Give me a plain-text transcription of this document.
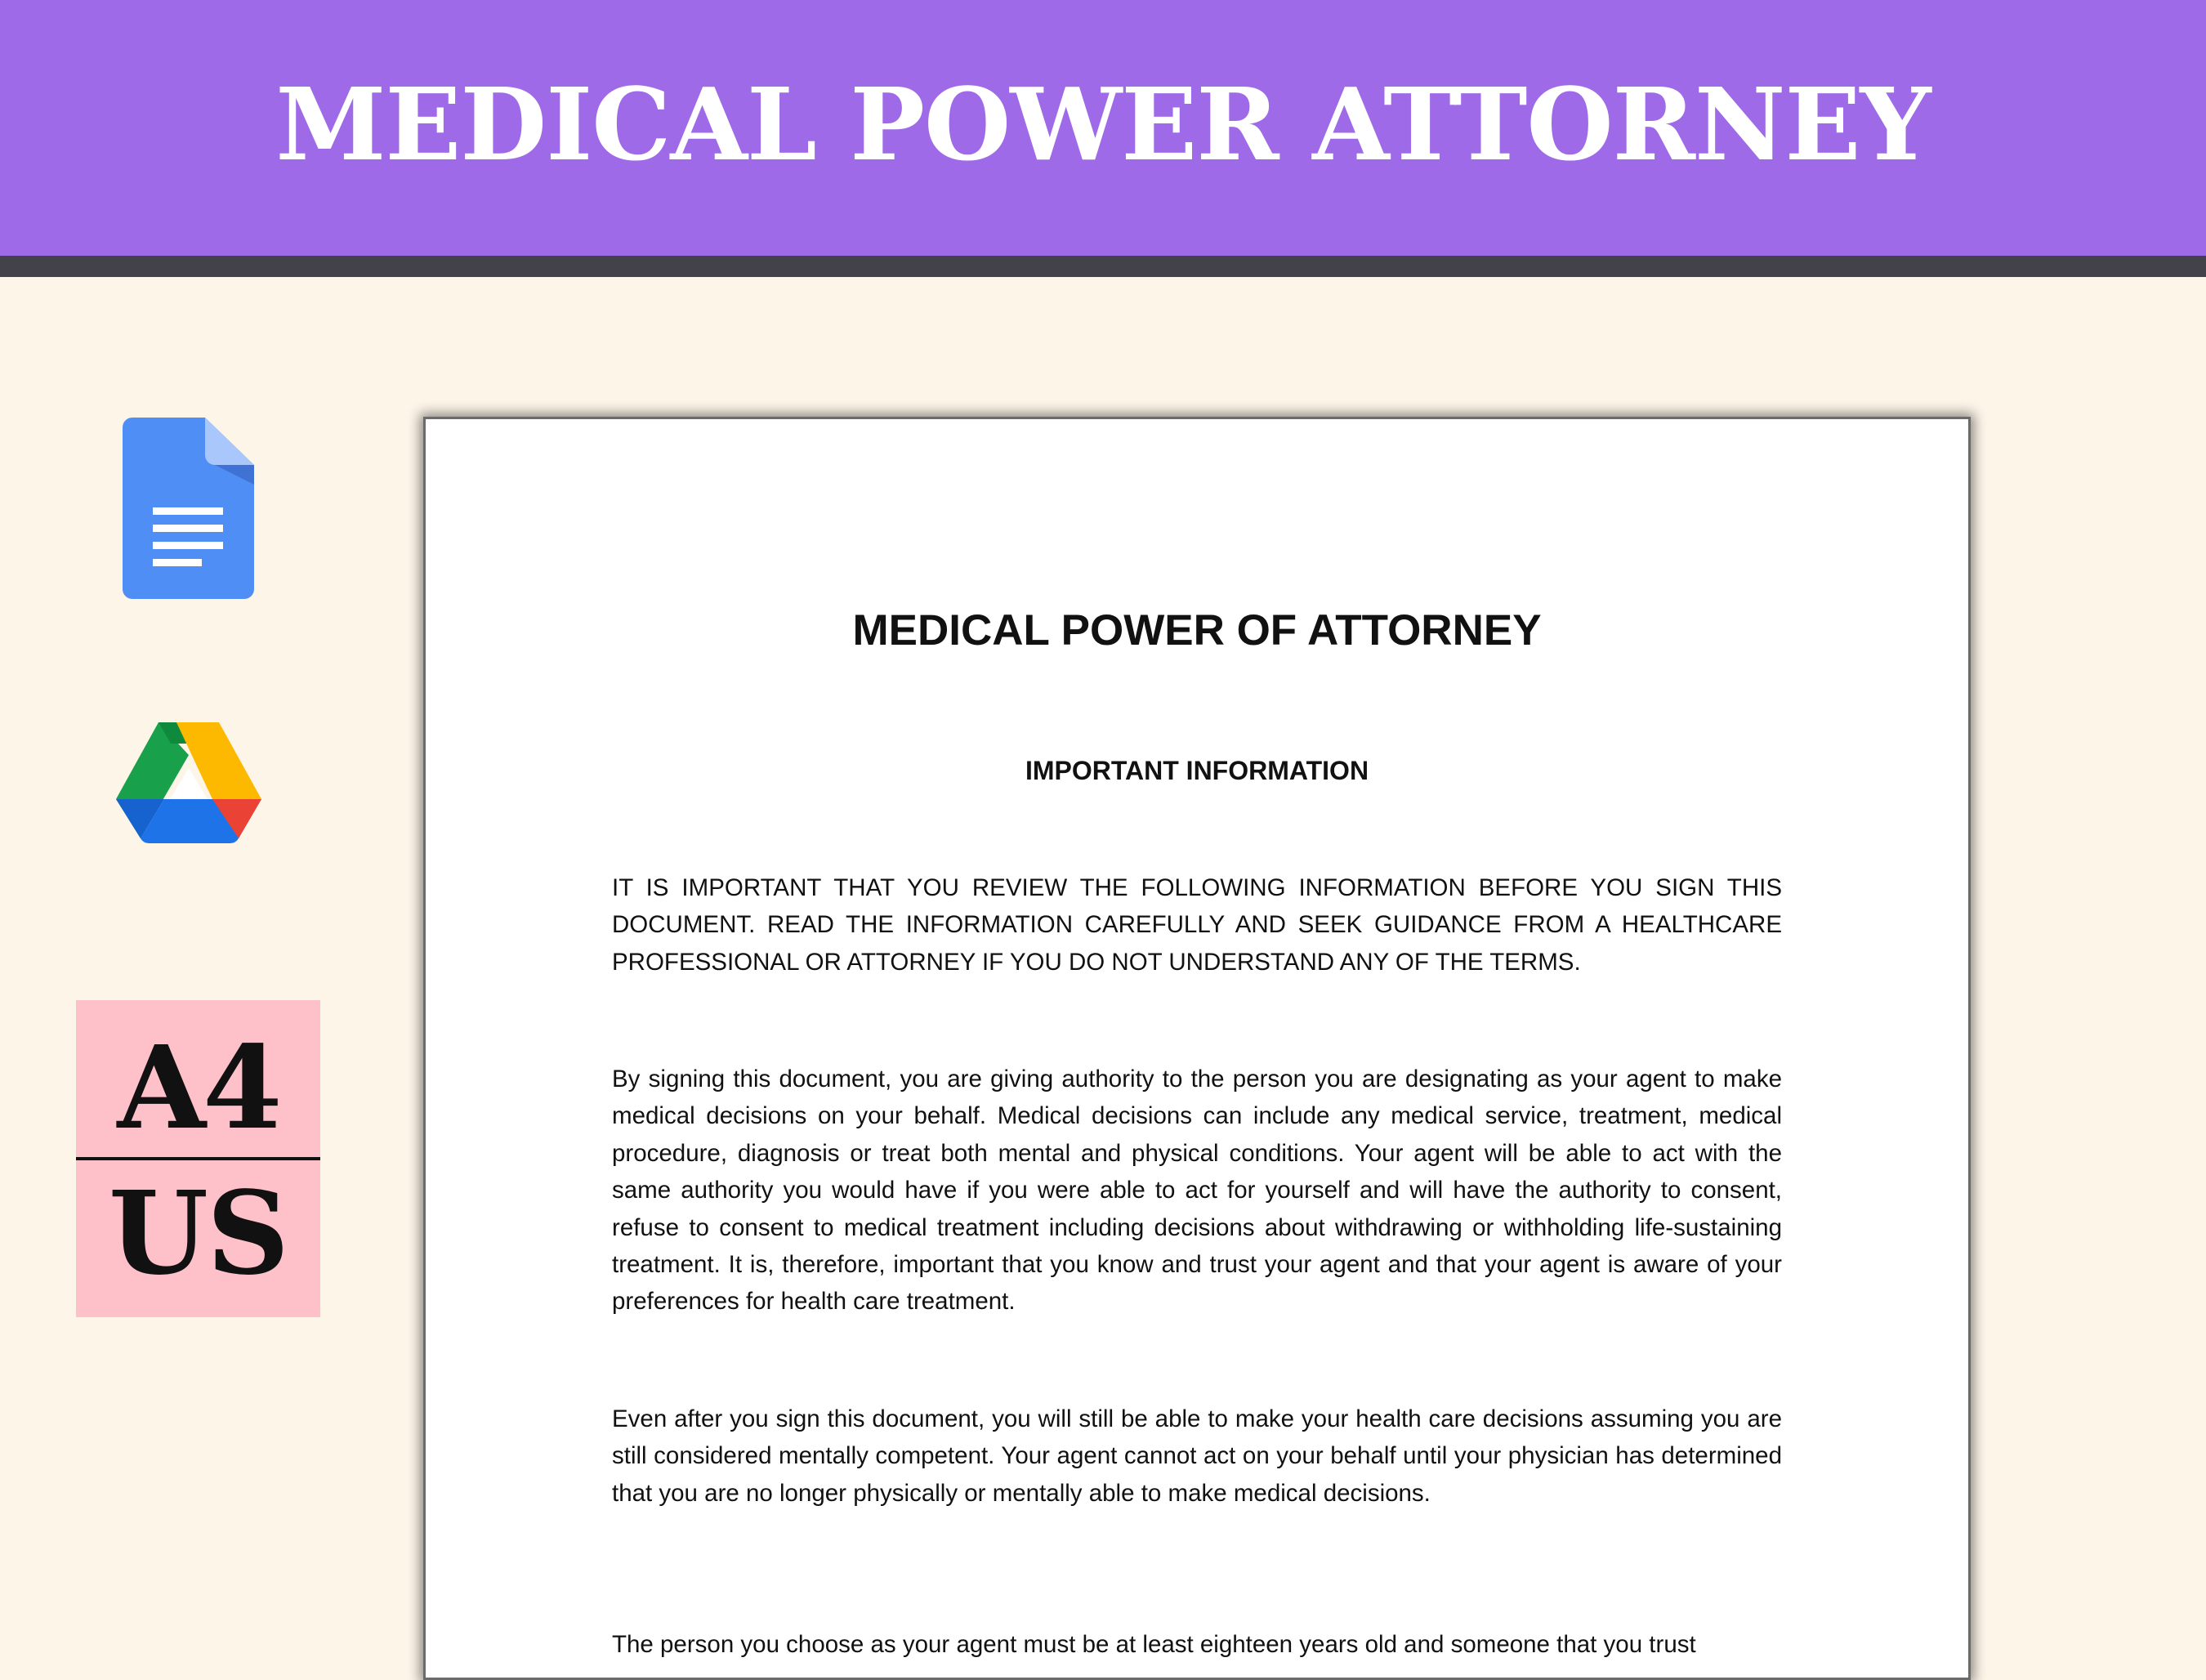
MEDICAL POWER ATTORNEY
A4
US
MEDICAL POWER OF ATTORNEY
IMPORTANT INFORMATION

IT IS IMPORTANT THAT YOU REVIEW THE FOLLOWING INFORMATION BEFORE YOU SIGN THIS DOCUMENT. READ THE INFORMATION CAREFULLY AND SEEK GUIDANCE FROM A HEALTHCARE PROFESSIONAL OR ATTORNEY IF YOU DO NOT UNDERSTAND ANY OF THE TERMS.

By signing this document, you are giving authority to the person you are designating as your agent to make medical decisions on your behalf. Medical decisions can include any medical service, treatment, medical procedure, diagnosis or treat both mental and physical conditions. Your agent will be able to act with the same authority you would have if you were able to act for yourself and will have the authority to consent, refuse to consent to medical treatment including decisions about withdrawing or withholding life-sustaining treatment. It is, therefore, important that you know and trust your agent and that your agent is aware of your preferences for health care treatment.

Even after you sign this document, you will still be able to make your health care decisions assuming you are still considered mentally competent. Your agent cannot act on your behalf until your physician has determined that you are no longer physically or mentally able to make medical decisions.

The person you choose as your agent must be at least eighteen years old and someone that you trust
